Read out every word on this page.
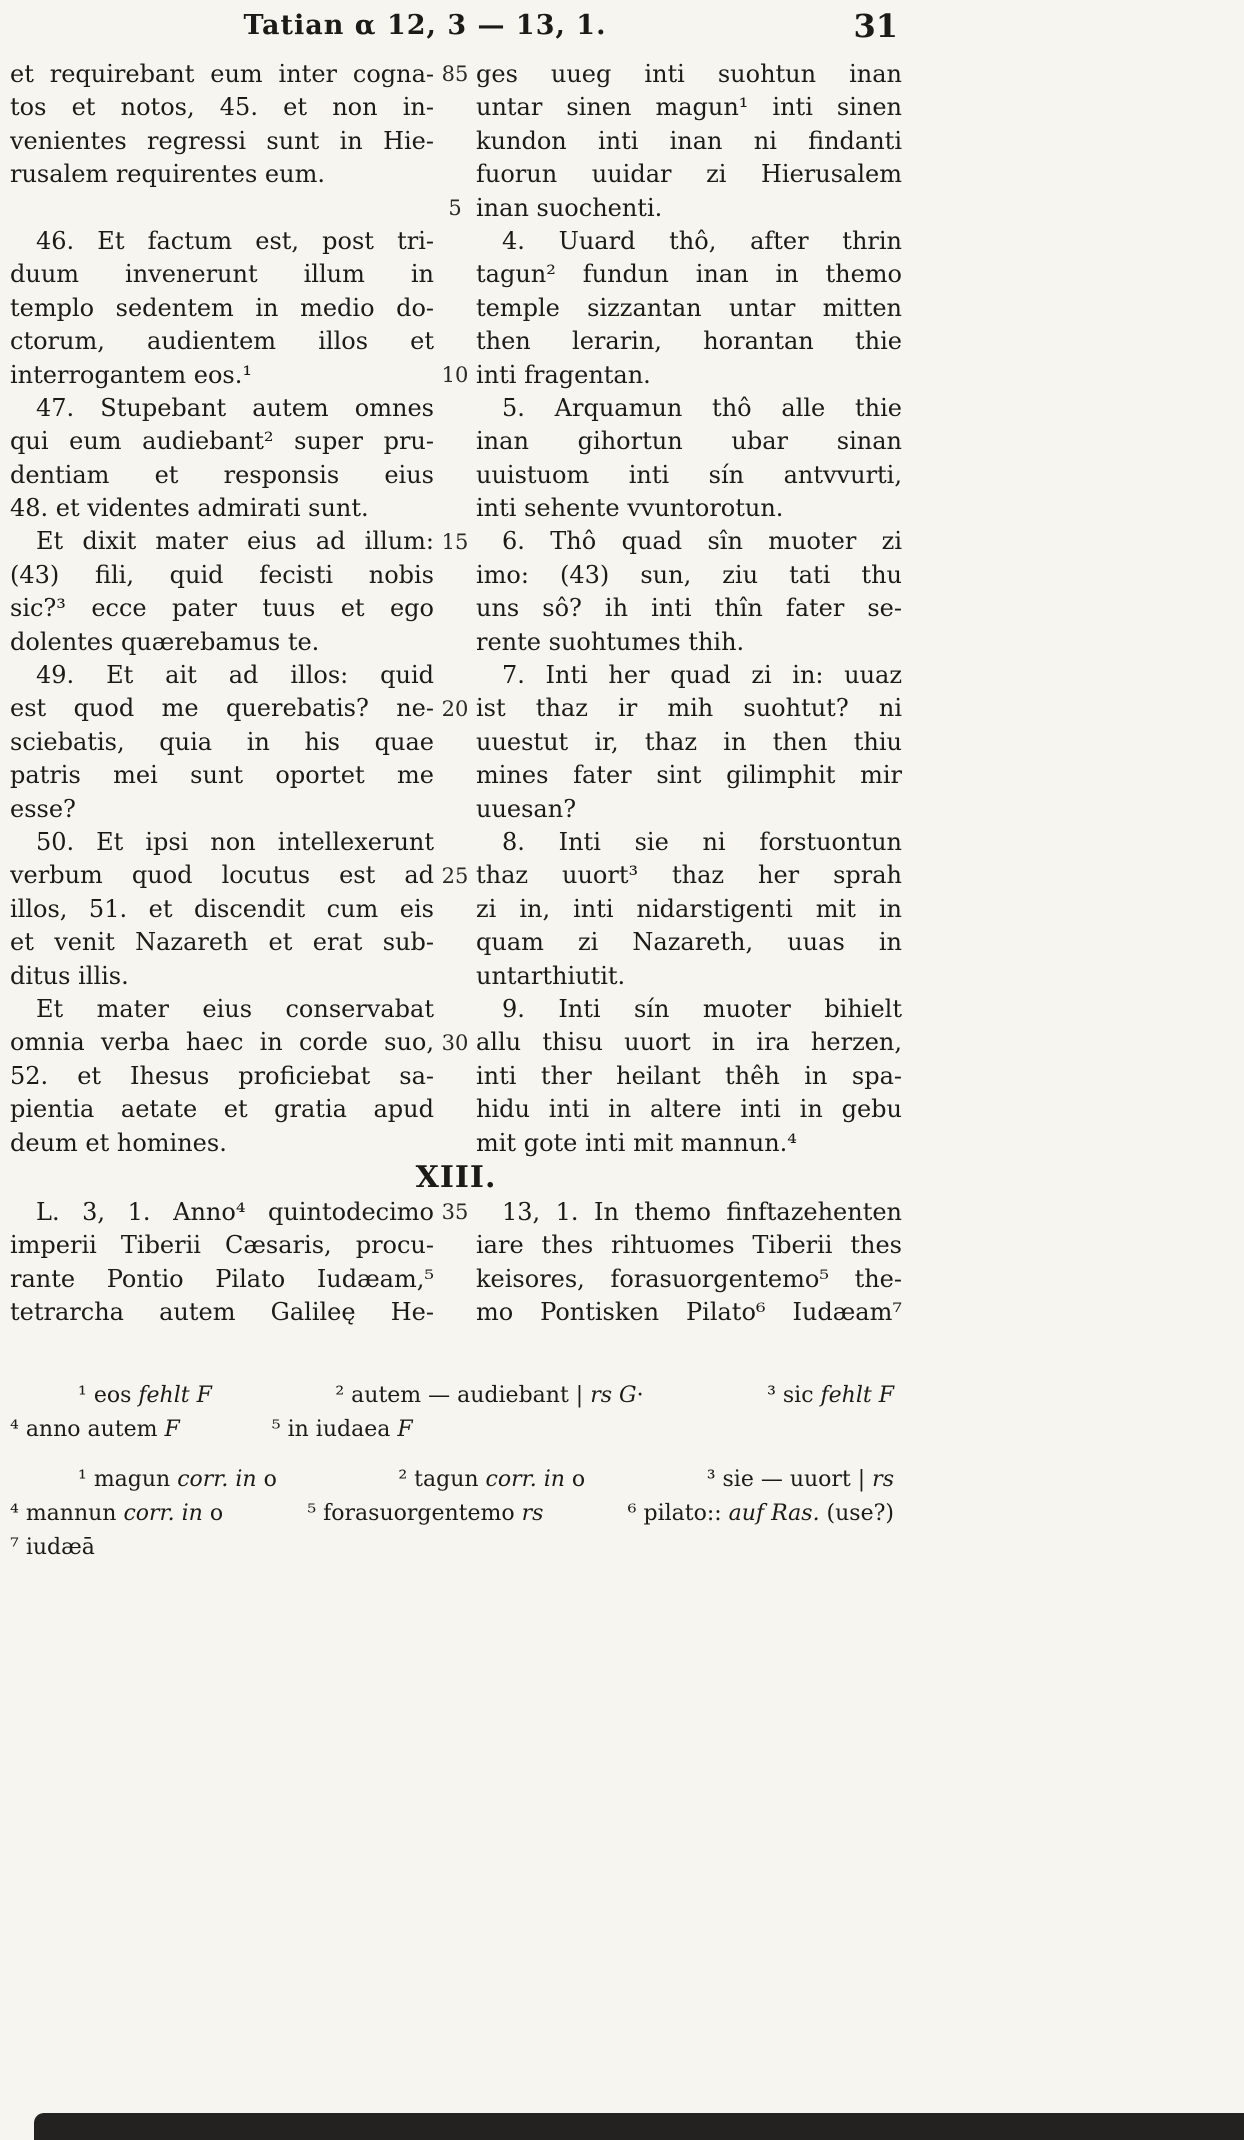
Tatian α 12, 3 — 13, 1.	31
et requirebant eum inter cogna-
tos et notos, 45. et non in-
venientes regressi sunt in Hie-
rusalem requirentes eum.
46. Et factum est, post tri-
duum invenerunt illum in
templo sedentem in medio do-
ctorum, audientem illos et
interrogantem eos.¹
47. Stupebant autem omnes
qui eum audiebant² super pru-
dentiam et responsis eius
48. et videntes admirati sunt.
Et dixit mater eius ad illum:
(43) fili, quid fecisti nobis
sic?³ ecce pater tuus et ego
dolentes quærebamus te.
49. Et ait ad illos: quid
est quod me querebatis? ne-
sciebatis, quia in his quae
patris mei sunt oportet me
esse?
50. Et ipsi non intellexerunt
verbum quod locutus est ad
illos, 51. et discendit cum eis
et venit Nazareth et erat sub-
ditus illis.
Et mater eius conservabat
omnia verba haec in corde suo,
52. et Ihesus proficiebat sa-
pientia aetate et gratia apud
deum et homines.
ges uueg inti suohtun inan
untar sinen magun¹ inti sinen
kundon inti inan ni findanti
fuorun uuidar zi Hierusalem
inan suochenti.
4. Uuard thô, after thrin
tagun² fundun inan in themo
temple sizzantan untar mitten
then lerarin, horantan thie
inti fragentan.
5. Arquamun thô alle thie
inan gihortun ubar sinan
uuistuom inti sín antvvurti,
inti sehente vvuntorotun.
6. Thô quad sîn muoter zi
imo: (43) sun, ziu tati thu
uns sô? ih inti thîn fater se-
rente suohtumes thih.
7. Inti her quad zi in: uuaz
ist thaz ir mih suohtut? ni
uuestut ir, thaz in then thiu
mines fater sint gilimphit mir
uuesan?
8. Inti sie ni forstuontun
thaz uuort³ thaz her sprah
zi in, inti nidarstigenti mit in
quam zi Nazareth, uuas in
untarthiutit.
9. Inti sín muoter bihielt
allu thisu uuort in ira herzen,
inti ther heilant thêh in spa-
hidu inti in altere inti in gebu
mit gote inti mit mannun.⁴
XIII.
L. 3, 1. Anno⁴ quintodecimo
imperii Tiberii Cæsaris, procu-
rante Pontio Pilato Iudæam,⁵
tetrarcha autem Galileę He-
13, 1. In themo finftazehenten
iare thes rihtuomes Tiberii thes
keisores, forasuorgentemo⁵ the-
mo Pontisken Pilato⁶ Iudæam⁷
85
5
10
15
20
25
30
35
¹ eos fehlt F	² autem — audiebant | rs G·	³ sic fehlt F
⁴ anno autem F	⁵ in iudaea F
¹ magun corr. in o	² tagun corr. in o	³ sie — uuort | rs
⁴ mannun corr. in o	⁵ forasuorgentemo rs	⁶ pilato:: auf Ras. (use?)
⁷ iudæā
